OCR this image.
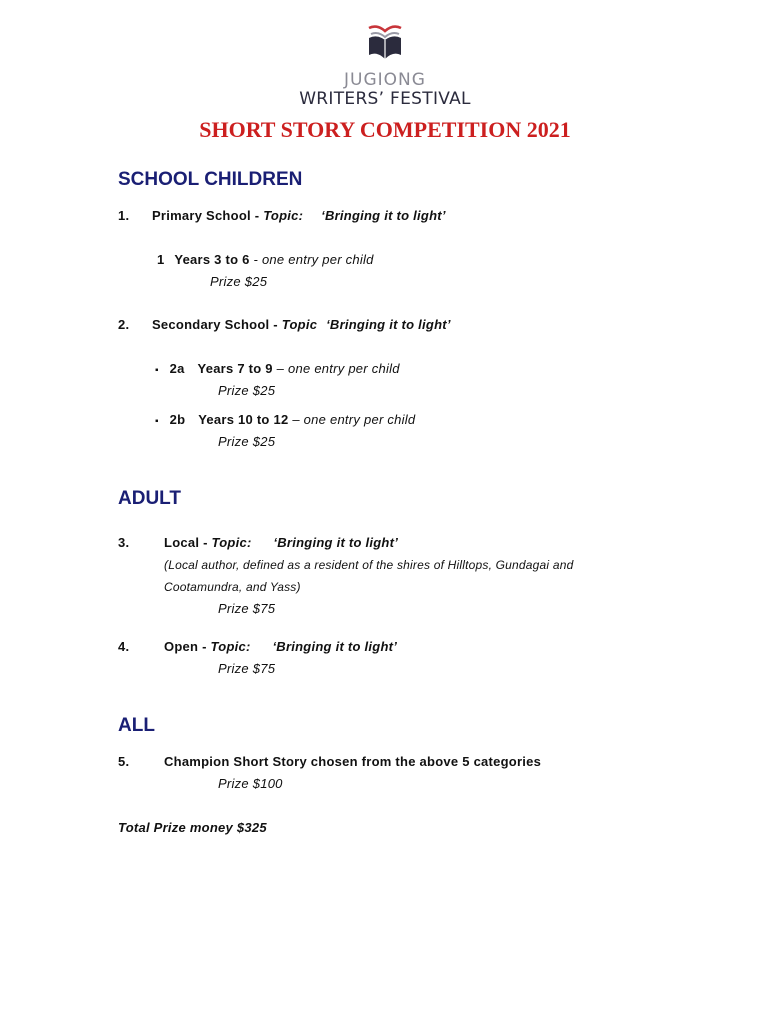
JUGIONG
WRITERS’ FESTIVAL
SHORT STORY COMPETITION 2021
SCHOOL CHILDREN
1. Primary School - Topic: ‘Bringing it to light’
1 Years 3 to 6 - one entry per child
Prize $25
2. Secondary School - Topic ‘Bringing it to light’
▪ 2a Years 7 to 9 – one entry per child
Prize $25
▪ 2b Years 10 to 12 – one entry per child
Prize $25
ADULT
3.	Local - Topic: ‘Bringing it to light’
(Local author, defined as a resident of the shires of Hilltops, Gundagai and
Cootamundra, and Yass)
Prize $75
4.	Open - Topic: ‘Bringing it to light’
Prize $75
ALL
5.	Champion Short Story chosen from the above 5 categories
Prize $100
Total Prize money $325
